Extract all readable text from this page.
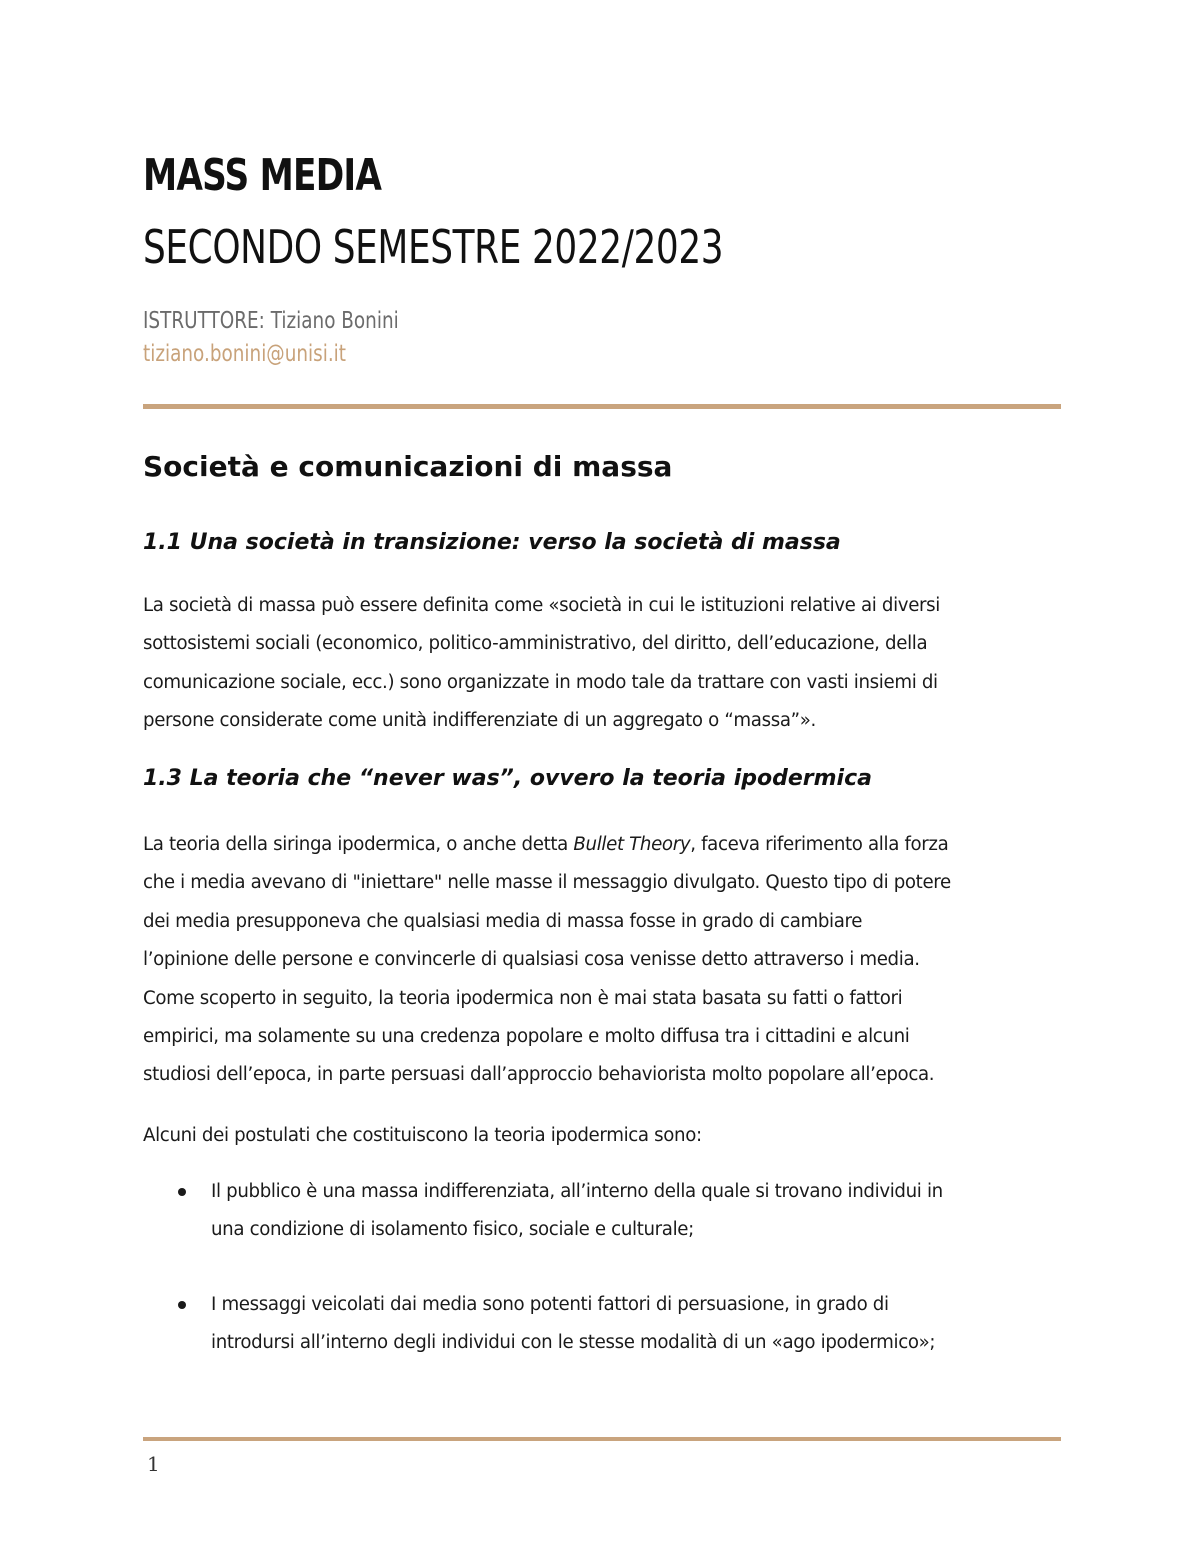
MASS MEDIA
SECONDO SEMESTRE 2022/2023
ISTRUTTORE: Tiziano Bonini
tiziano.bonini@unisi.it
Società e comunicazioni di massa
1.1 Una società in transizione: verso la società di massa
La società di massa può essere definita come «società in cui le istituzioni relative ai diversi
sottosistemi sociali (economico, politico-amministrativo, del diritto, dell’educazione, della
comunicazione sociale, ecc.) sono organizzate in modo tale da trattare con vasti insiemi di
persone considerate come unità indifferenziate di un aggregato o “massa”».
1.3 La teoria che “never was”, ovvero la teoria ipodermica
La teoria della siringa ipodermica, o anche detta Bullet Theory, faceva riferimento alla forza
che i media avevano di "iniettare" nelle masse il messaggio divulgato. Questo tipo di potere
dei media presupponeva che qualsiasi media di massa fosse in grado di cambiare
l’opinione delle persone e convincerle di qualsiasi cosa venisse detto attraverso i media.
Come scoperto in seguito, la teoria ipodermica non è mai stata basata su fatti o fattori
empirici, ma solamente su una credenza popolare e molto diffusa tra i cittadini e alcuni
studiosi dell’epoca, in parte persuasi dall’approccio behaviorista molto popolare all’epoca.
Alcuni dei postulati che costituiscono la teoria ipodermica sono:
Il pubblico è una massa indifferenziata, all’interno della quale si trovano individui in
una condizione di isolamento fisico, sociale e culturale;
I messaggi veicolati dai media sono potenti fattori di persuasione, in grado di
introdursi all’interno degli individui con le stesse modalità di un «ago ipodermico»;
1
